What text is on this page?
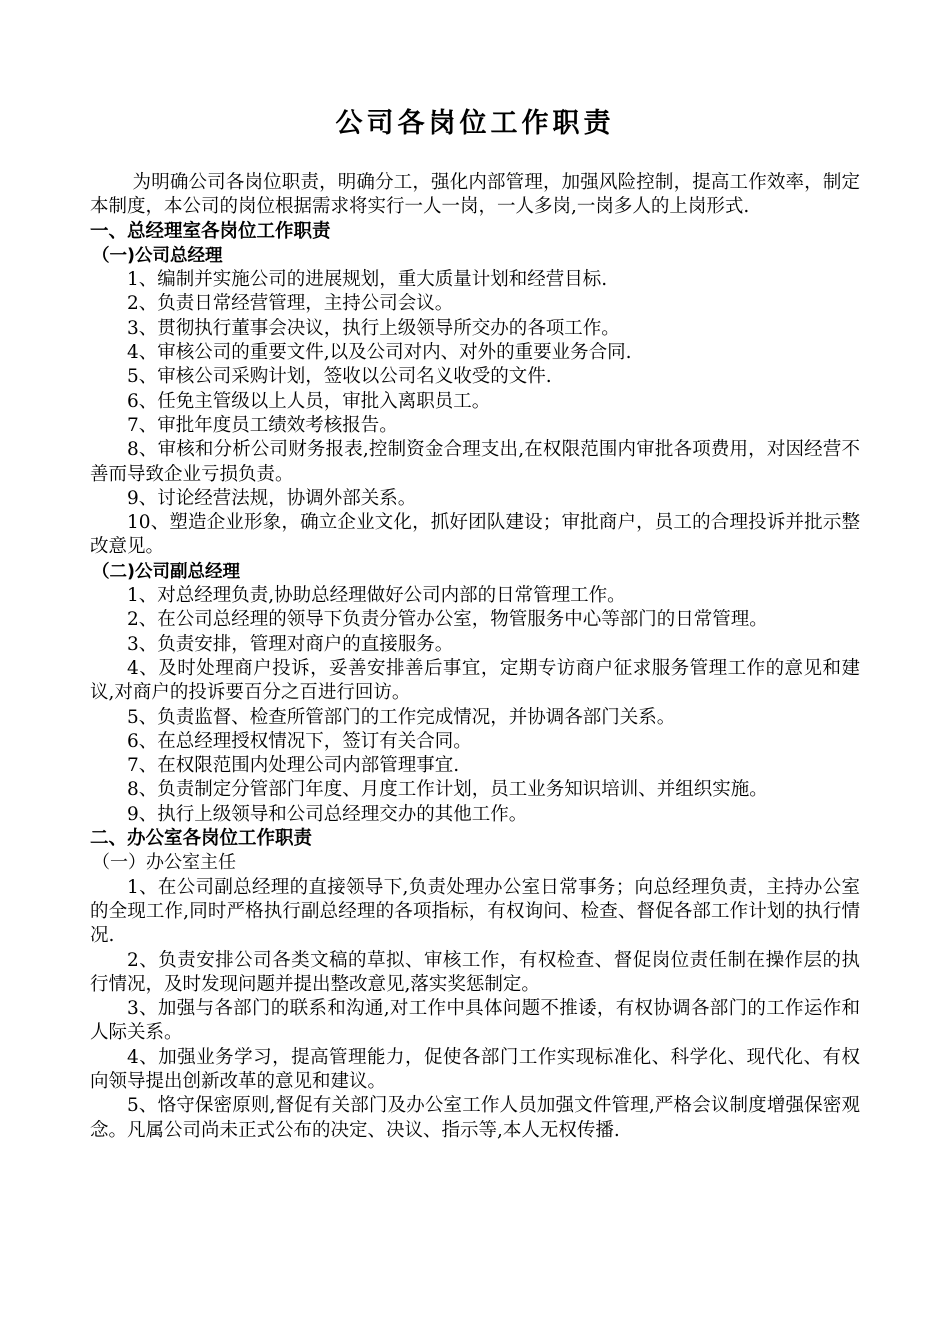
公司各岗位工作职责

为明确公司各岗位职责，明确分工，强化内部管理，加强风险控制，提高工作效率，制定本制度，本公司的岗位根据需求将实行一人一岗，一人多岗,一岗多人的上岗形式.

一、总经理室各岗位工作职责

（一)公司总经理

1、编制并实施公司的进展规划，重大质量计划和经营目标.

2、负责日常经营管理，主持公司会议。

3、贯彻执行董事会决议，执行上级领导所交办的各项工作。

4、审核公司的重要文件,以及公司对内、对外的重要业务合同.

5、审核公司采购计划，签收以公司名义收受的文件.

6、任免主管级以上人员，审批入离职员工。

7、审批年度员工绩效考核报告。

8、审核和分析公司财务报表,控制资金合理支出,在权限范围内审批各项费用，对因经营不善而导致企业亏损负责。

9、讨论经营法规，协调外部关系。

10、塑造企业形象，确立企业文化，抓好团队建设；审批商户，员工的合理投诉并批示整改意见。

（二)公司副总经理

1、对总经理负责,协助总经理做好公司内部的日常管理工作。

2、在公司总经理的领导下负责分管办公室，物管服务中心等部门的日常管理。

3、负责安排，管理对商户的直接服务。

4、及时处理商户投诉，妥善安排善后事宜，定期专访商户征求服务管理工作的意见和建议,对商户的投诉要百分之百进行回访。

5、负责监督、检查所管部门的工作完成情况，并协调各部门关系。

6、在总经理授权情况下，签订有关合同。

7、在权限范围内处理公司内部管理事宜.

8、负责制定分管部门年度、月度工作计划，员工业务知识培训、并组织实施。

9、执行上级领导和公司总经理交办的其他工作。

二、办公室各岗位工作职责

（一）办公室主任

1、在公司副总经理的直接领导下,负责处理办公室日常事务；向总经理负责，主持办公室的全现工作,同时严格执行副总经理的各项指标，有权询问、检查、督促各部工作计划的执行情况.

2、负责安排公司各类文稿的草拟、审核工作，有权检查、督促岗位责任制在操作层的执行情况，及时发现问题并提出整改意见,落实奖惩制定。

3、加强与各部门的联系和沟通,对工作中具体问题不推诿，有权协调各部门的工作运作和人际关系。

4、加强业务学习，提高管理能力，促使各部门工作实现标准化、科学化、现代化、有权向领导提出创新改革的意见和建议。

5、恪守保密原则,督促有关部门及办公室工作人员加强文件管理,严格会议制度增强保密观念。凡属公司尚未正式公布的决定、决议、指示等,本人无权传播.
